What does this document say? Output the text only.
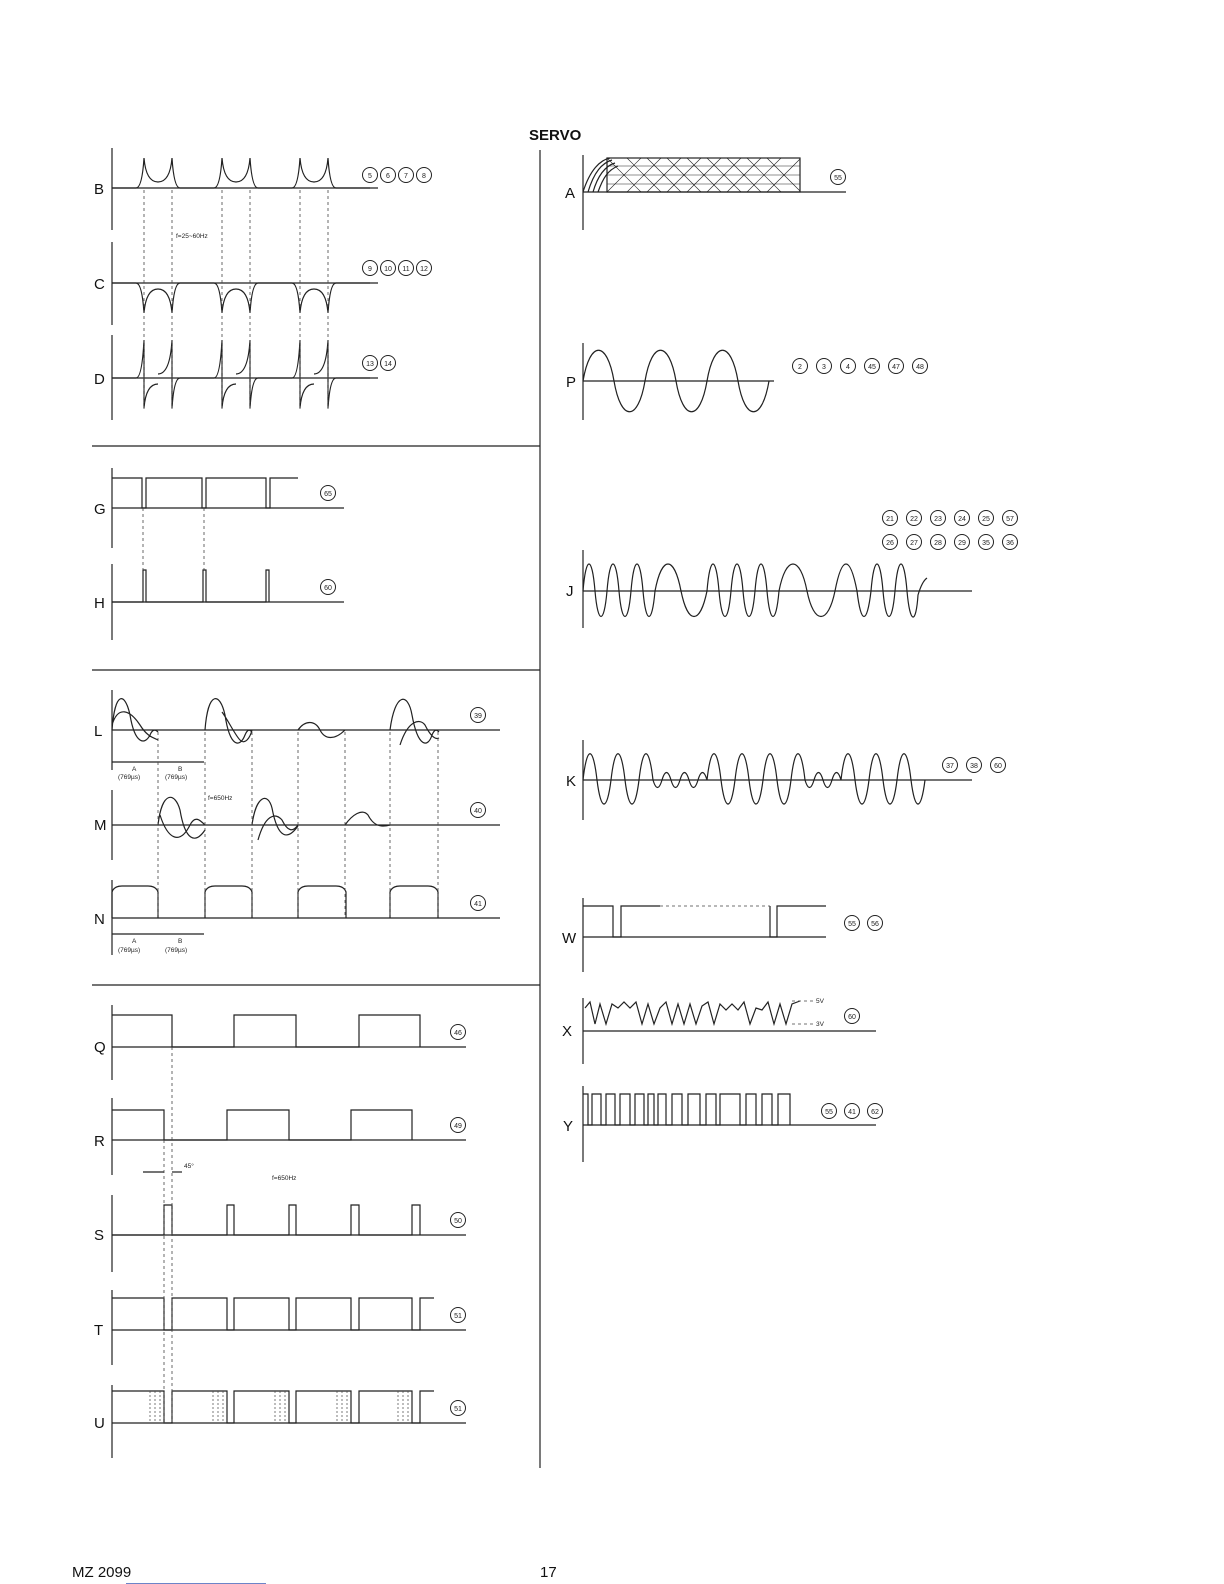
SERVO
B
5 6 7 8
f=25~60Hz
C
9 10 11 12
D
13 14
G
65
H
60
L
39
A
(769µs)
B
(769µs)
f=650Hz
M
40
N
41
A
(769µs)
B
(769µs)
Q
46
R
49
45°
f=650Hz
S
50
T
51
U
51
A
55
P
2	3	4	45 47 48
J
21 22 23 24 25 57
26 27 28 29 35 36
K
37 38 60
W
55 56
X
5V
3V
60
Y
55 41 62
MZ 2099	17
